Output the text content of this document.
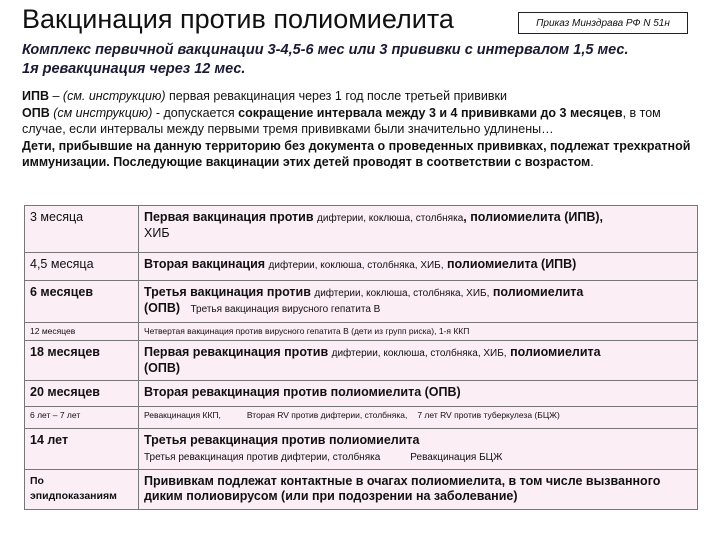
Вакцинация против полиомиелита	Приказ Минздрава РФ N 51н
Комплекс первичной вакцинации 3-4,5-6 мес или 3 прививки с интервалом 1,5 мес.
1я ревакцинация через 12 мес.
ИПВ – (см. инструкцию) первая ревакцинация через 1 год после третьей прививки
ОПВ (см инструкцию) - допускается сокращение интервала между 3 и 4 прививками до 3 месяцев, в том случае, если интервалы между первыми тремя прививками были значительно удлинены…
Дети, прибывшие на данную территорию без документа о проведенных прививках, подлежат трехкратной иммунизации. Последующие вакцинации этих детей проводят в соответствии с возрастом.
3 месяца	Первая вакцинация против дифтерии, коклюша, столбняка, полиомиелита (ИПВ),
ХИБ

4,5 месяца	Вторая вакцинация дифтерии, коклюша, столбняка, ХИБ, полиомиелита (ИПВ)
6 месяцев	Третья вакцинация против дифтерии, коклюша, столбняка, ХИБ, полиомиелита
(ОПВ) Третья вакцинация вирусного гепатита В

12 месяцев	Четвертая вакцинация против вирусного гепатита В (дети из групп риска), 1-я ККП
18 месяцев	Первая ревакцинация против дифтерии, коклюша, столбняка, ХИБ, полиомиелита
(ОПВ)

20 месяцев	Вторая ревакцинация против полиомиелита (ОПВ)
6 лет – 7 лет	Ревакцинация ККП, Вторая RV против дифтерии, столбняка, 7 лет RV против туберкулеза (БЦЖ)
14 лет	Третья ревакцинация против полиомиелита
Третья ревакцинация против дифтерии, столбняка Ревакцинация БЦЖ

По
эпидпоказаниям	Прививкам подлежат контактные в очагах полиомиелита, в том числе вызванного диким полиовирусом (или при подозрении на заболевание)
